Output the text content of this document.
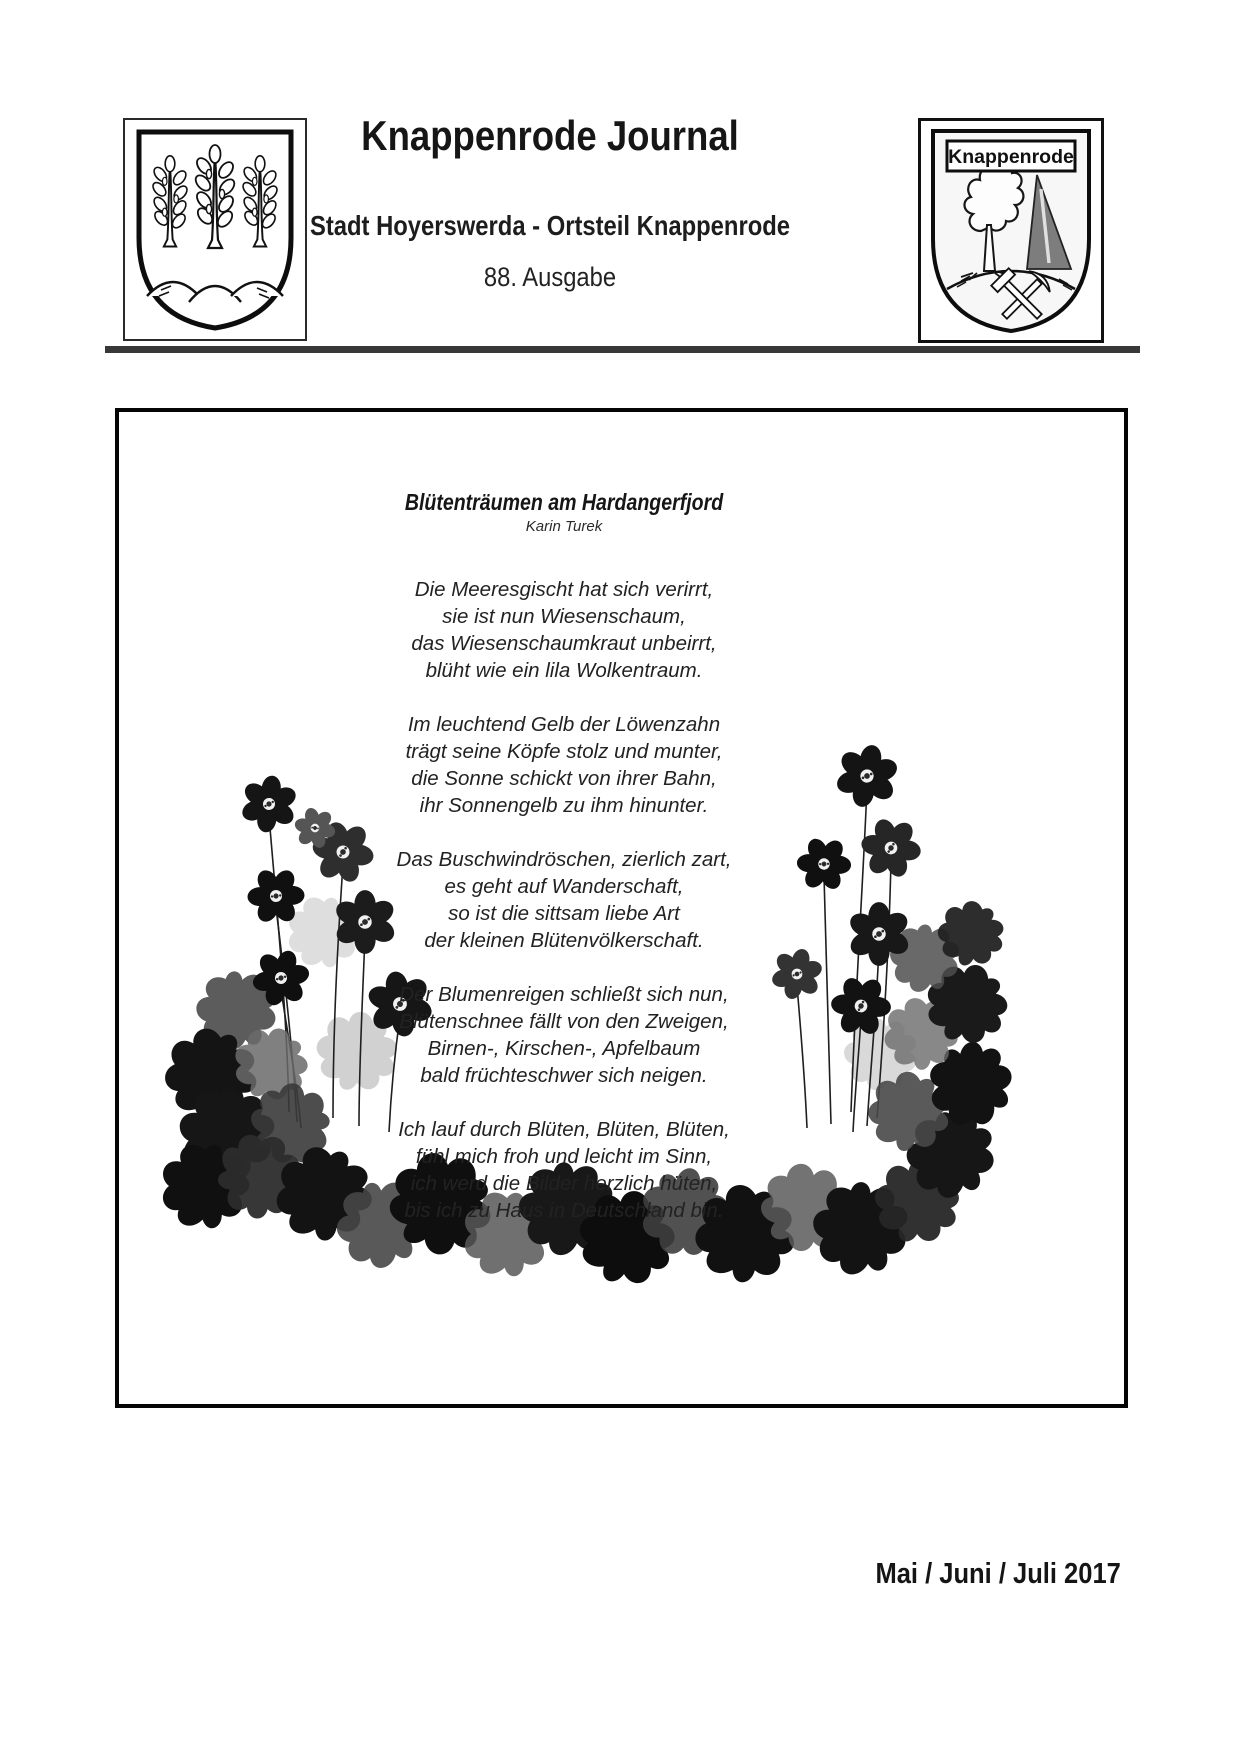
Knappenrode Journal
Stadt Hoyerswerda - Ortsteil Knappenrode
88. Ausgabe
Knappenrode
Blütenträumen am Hardangerfjord
Karin Turek
Die Meeresgischt hat sich verirrt,
sie ist nun Wiesenschaum,
das Wiesenschaumkraut unbeirrt,
blüht wie ein lila Wolkentraum.
Im leuchtend Gelb der Löwenzahn
trägt seine Köpfe stolz und munter,
die Sonne schickt von ihrer Bahn,
ihr Sonnengelb zu ihm hinunter.
Das Buschwindröschen, zierlich zart,
es geht auf Wanderschaft,
so ist die sittsam liebe Art
der kleinen Blütenvölkerschaft.
Der Blumenreigen schließt sich nun,
Blütenschnee fällt von den Zweigen,
Birnen-, Kirschen-, Apfelbaum
bald früchteschwer sich neigen.
Ich lauf durch Blüten, Blüten, Blüten,
fühl mich froh und leicht im Sinn,
ich werd die Bilder herzlich hüten,
bis ich zu Haus in Deutschland bin.
Mai / Juni / Juli 2017
